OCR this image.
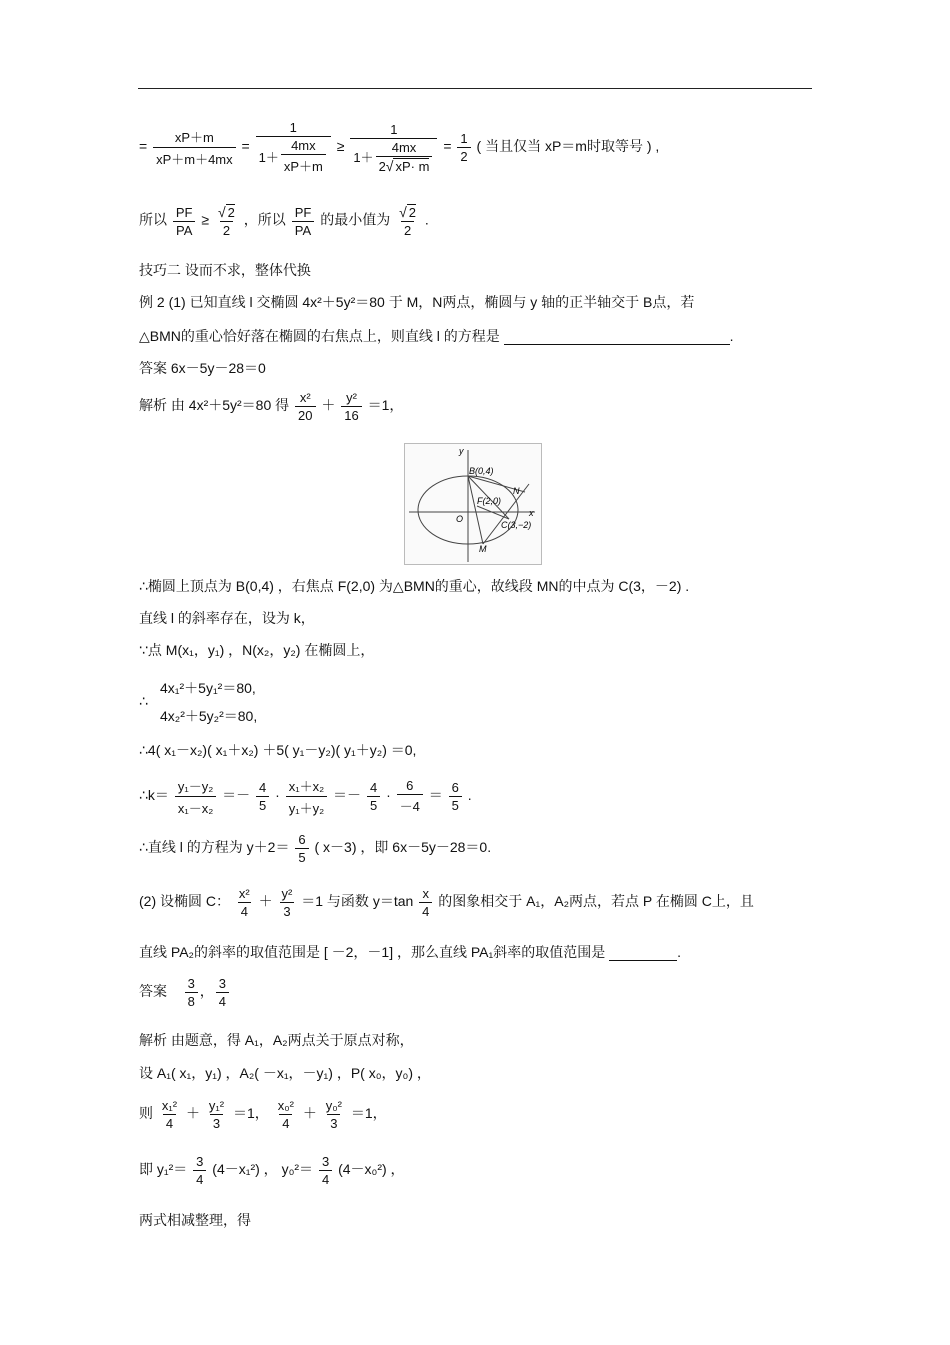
= $\frac{xP+m}{xP+m+4mx} = \frac{1}{1+ \frac{4mx}{xP+m}} \ge \frac{1}{1+ \frac{4mx}{2√ xP\cdot m}} = \frac{1}{2}$ ( 当且仅当 xP＝m时取等号 ) ,
所以 $\frac{PF}{PA} \ge \frac{√ 2}{2}$ ，所以 $\frac{PF}{PA}$ 的最小值为 $\frac{√ 2}{2}$ .
技巧二 设而不求，整体代换
例 2 (1) 已知直线 l 交椭圆 4x²＋5y²＝80 于 M，N两点，椭圆与 y 轴的正半轴交于 B点，若
△BMN的重心恰好落在椭圆的右焦点上，则直线 l 的方程是	.
答案 6x－5y－28＝0
解析 由 4x²＋5y²＝80 得 $\frac{\text{x²}}{20} + \frac{\text{y²}}{16} =1$，
y
B(0,4)
N
F(2,0)
x
O
C(3,−2)
M
∴椭圆上顶点为 B(0,4) ，右焦点 F(2,0) 为△BMN的重心，故线段 MN的中点为 C(3，－2) .
直线 l 的斜率存在，设为 k，
∵点 M(x₁，y₁) ，N(x₂，y₂) 在椭圆上，
∴
4x₁²＋5y₁²＝80,
4x₂²＋5y₂²＝80,
∴4( x₁－x₂)( x₁＋x₂) ＋5( y₁－y₂)( y₁＋y₂) ＝0,
∴k＝ $\frac{\text{y₁－y₂}}{\text{x₁－x₂}} =- \frac{4}{5} \cdot \frac{\text{x₁＋x₂}}{\text{y₁＋y₂}} =- \frac{4}{5} \cdot \frac{6}{-4} = \frac{6}{5}$ .
∴直线 l 的方程为 $y+2= \frac{6}{5}$ ( x－3) ，即 6x－5y－28＝0.
(2) 设椭圆 C： $\frac{\text{x²}}{4} + \frac{\text{y²}}{3} =1$ 与函数 $y=\tan \frac{x}{4}$ 的图象相交于 A₁，A₂两点，若点 P 在椭圆 C上，且
直线 PA₂的斜率的取值范围是 [ －2，－1] ，那么直线 PA₁斜率的取值范围是	.
答案 $\frac{3}{8}$ ， $\frac{3}{4}$
解析 由题意，得 A₁，A₂两点关于原点对称，
设 A₁( x₁，y₁) ，A₂( －x₁，－y₁) ，P( x₀，y₀) ，
则 $\frac{\text{x₁²}}{4} + \frac{\text{y₁²}}{3} =1$， $\frac{\text{x₀²}}{4} + \frac{\text{y₀²}}{3} =1$，
即 $y_1^2= \frac{3}{4} (4-x_1^2)$ ， $y_0^2= \frac{3}{4} (4-x_0^2)$ ，
两式相减整理，得
